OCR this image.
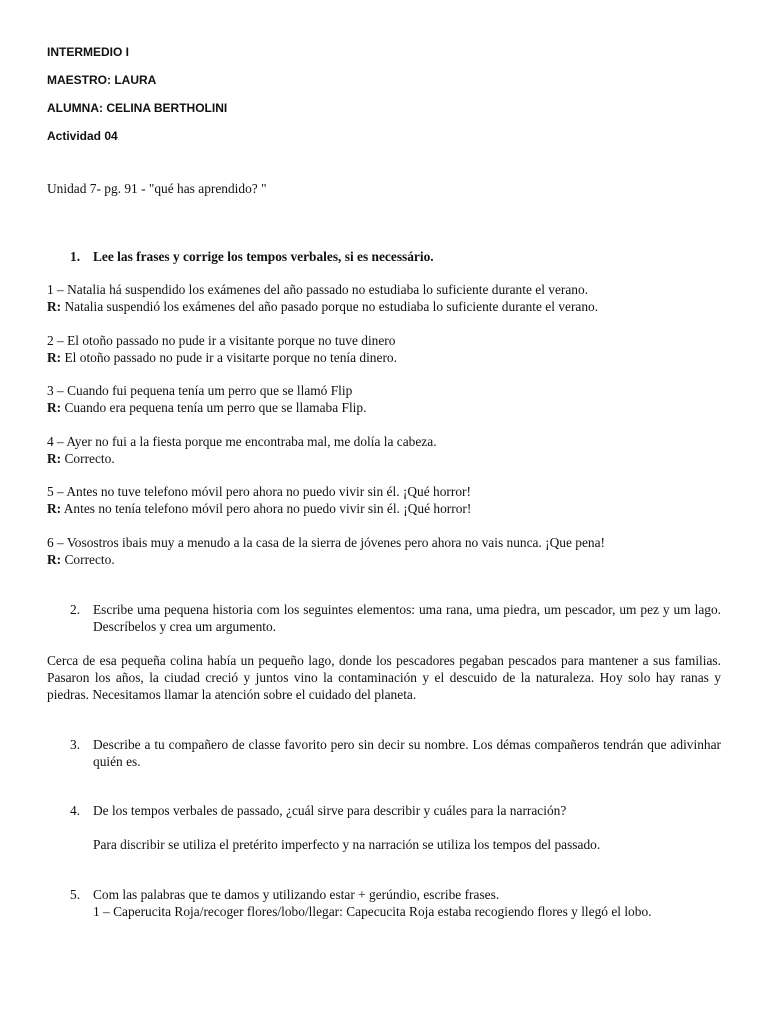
INTERMEDIO I
MAESTRO: LAURA
ALUMNA: CELINA BERTHOLINI
Actividad 04
Unidad 7- pg. 91 - "qué has aprendido? "
1. Lee las frases y corrige los tempos verbales, si es necessário.
1 – Natalia há suspendido los exámenes del año passado no estudiaba lo suficiente durante el verano.
R: Natalia suspendió los exámenes del año pasado porque no estudiaba lo suficiente durante el verano.
2 – El otoño passado no pude ir a visitante porque no tuve dinero
R: El otoño passado no pude ir a visitarte porque no tenía dinero.
3 – Cuando fui pequena tenía um perro que se llamó Flip
R: Cuando era pequena tenía um perro que se llamaba Flip.
4 – Ayer no fui a la fiesta porque me encontraba mal, me dolía la cabeza.
R: Correcto.
5 – Antes no tuve telefono móvil pero ahora no puedo vivir sin él. ¡Qué horror!
R: Antes no tenía telefono móvil pero ahora no puedo vivir sin él. ¡Qué horror!
6 – Vosostros ibais muy a menudo a la casa de la sierra de jóvenes pero ahora no vais nunca. ¡Que pena!
R: Correcto.
2. Escribe uma pequena historia com los seguintes elementos: uma rana, uma piedra, um pescador, um pez y um lago. Descríbelos y crea um argumento.
Cerca de esa pequeña colina había un pequeño lago, donde los pescadores pegaban pescados para mantener a sus familias. Pasaron los años, la ciudad creció y juntos vino la contaminación y el descuido de la naturaleza. Hoy solo hay ranas y piedras. Necesitamos llamar la atención sobre el cuidado del planeta.
3. Describe a tu compañero de classe favorito pero sin decir su nombre. Los démas compañeros tendrán que adivinhar quién es.
4. De los tempos verbales de passado, ¿cuál sirve para describir y cuáles para la narración?
Para discribir se utiliza el pretérito imperfecto y na narración se utiliza los tempos del passado.
5. Com las palabras que te damos y utilizando estar + gerúndio, escribe frases.
1 – Caperucita Roja/recoger flores/lobo/llegar: Capecucita Roja estaba recogiendo flores y llegó el lobo.
